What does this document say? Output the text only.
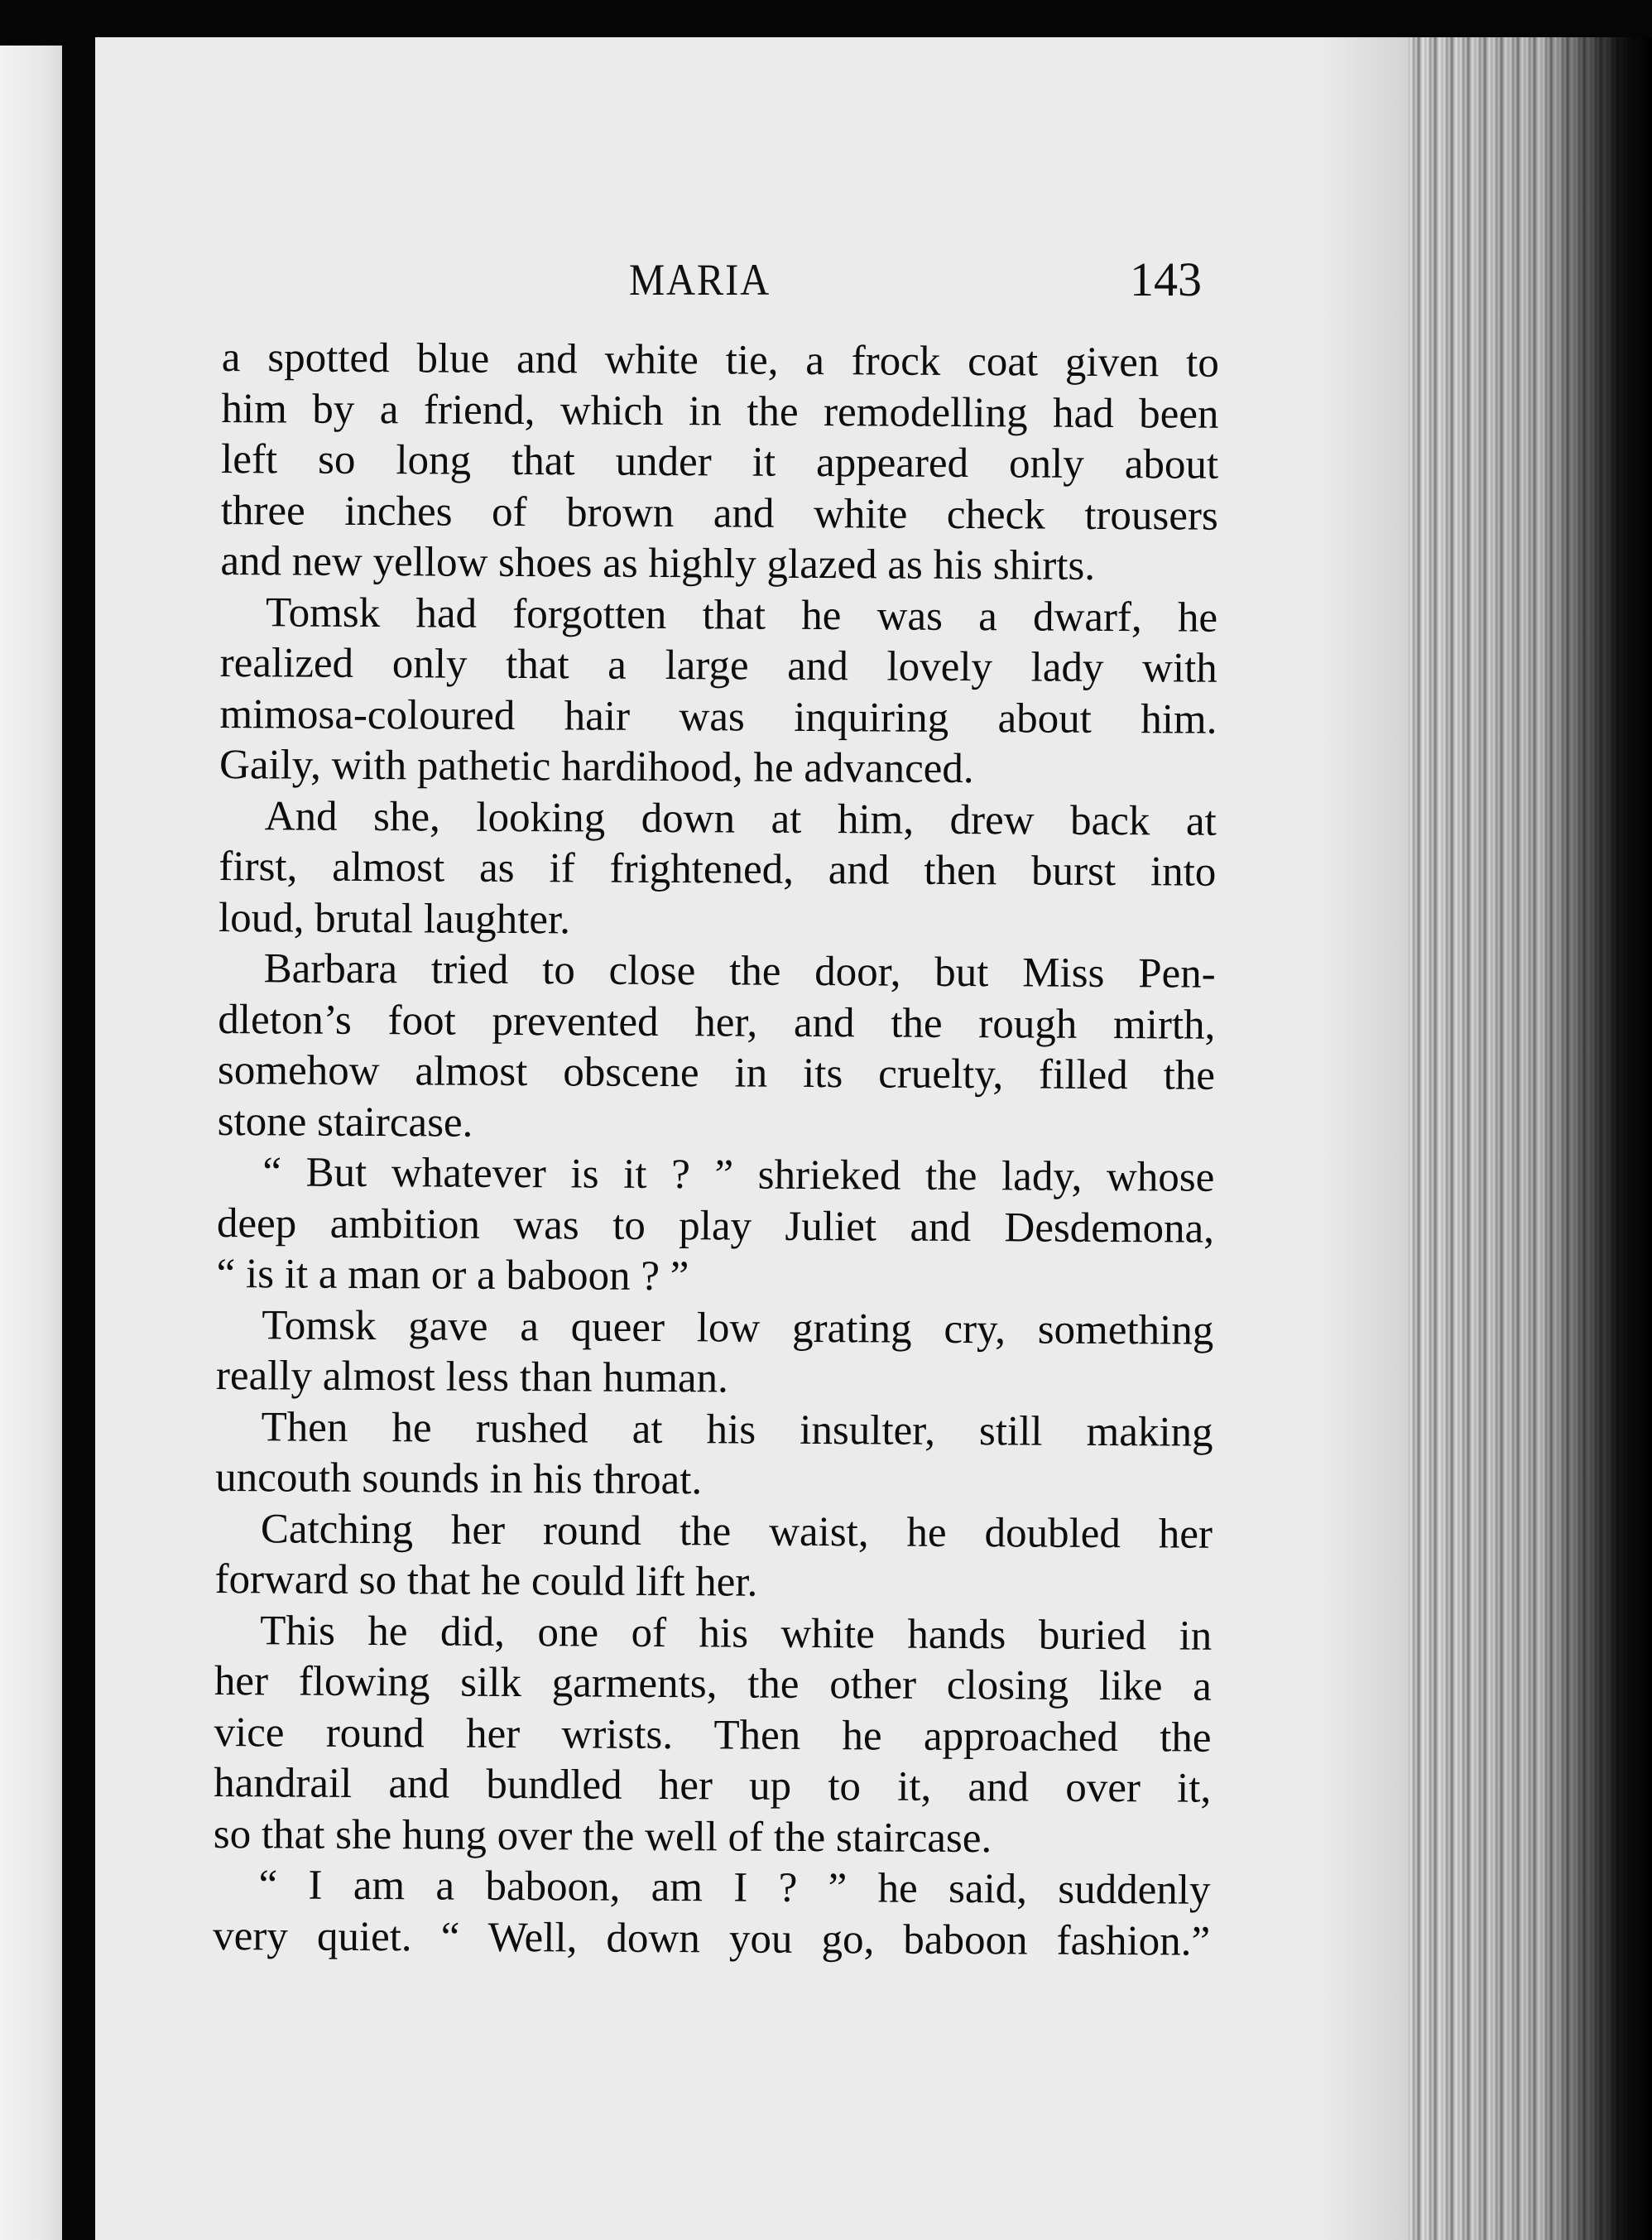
MARIA	143
a spotted blue and white tie, a frock coat given to
him by a friend, which in the remodelling had been
left so long that under it appeared only about
three inches of brown and white check trousers
and new yellow shoes as highly glazed as his shirts.
Tomsk had forgotten that he was a dwarf, he
realized only that a large and lovely lady with
mimosa-coloured hair was inquiring about him.
Gaily, with pathetic hardihood, he advanced.
And she, looking down at him, drew back at
first, almost as if frightened, and then burst into
loud, brutal laughter.
Barbara tried to close the door, but Miss Pen-
dleton’s foot prevented her, and the rough mirth,
somehow almost obscene in its cruelty, filled the
stone staircase.
“ But whatever is it ? ” shrieked the lady, whose
deep ambition was to play Juliet and Desdemona,
“ is it a man or a baboon ? ”
Tomsk gave a queer low grating cry, something
really almost less than human.
Then he rushed at his insulter, still making
uncouth sounds in his throat.
Catching her round the waist, he doubled her
forward so that he could lift her.
This he did, one of his white hands buried in
her flowing silk garments, the other closing like a
vice round her wrists. Then he approached the
handrail and bundled her up to it, and over it,
so that she hung over the well of the staircase.
“ I am a baboon, am I ? ” he said, suddenly
very quiet. “ Well, down you go, baboon fashion.”
